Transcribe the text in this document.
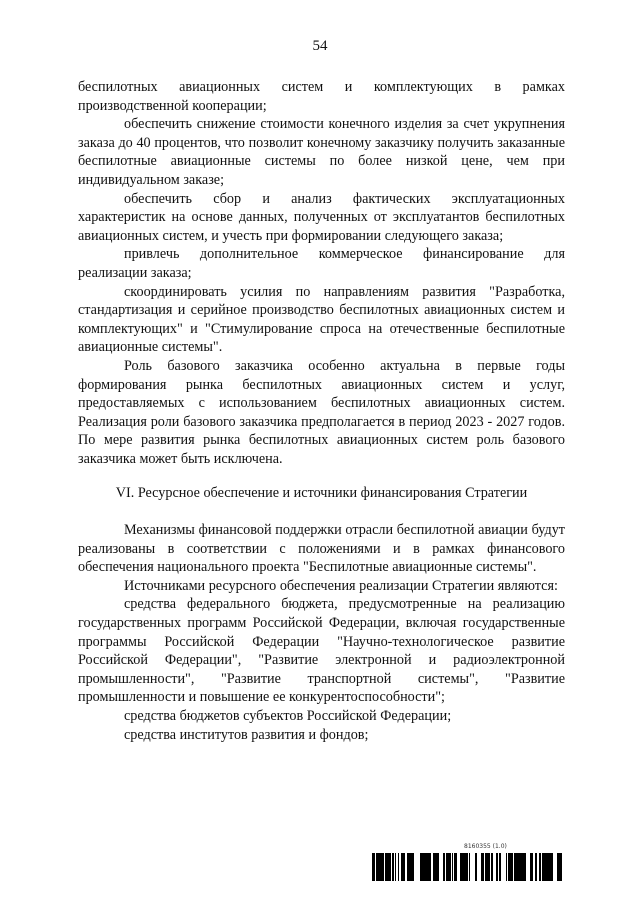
54

беспилотных авиационных систем и комплектующих в рамках производственной кооперации;

обеспечить снижение стоимости конечного изделия за счет укрупнения заказа до 40 процентов, что позволит конечному заказчику получить заказанные беспилотные авиационные системы по более низкой цене, чем при индивидуальном заказе;

обеспечить сбор и анализ фактических эксплуатационных характеристик на основе данных, полученных от эксплуатантов беспилотных авиационных систем, и учесть при формировании следующего заказа;

привлечь дополнительное коммерческое финансирование для реализации заказа;

скоординировать усилия по направлениям развития "Разработка, стандартизация и серийное производство беспилотных авиационных систем и комплектующих" и "Стимулирование спроса на отечественные беспилотные авиационные системы".

Роль базового заказчика особенно актуальна в первые годы формирования рынка беспилотных авиационных систем и услуг, предоставляемых с использованием беспилотных авиационных систем. Реализация роли базового заказчика предполагается в период 2023 - 2027 годов. По мере развития рынка беспилотных авиационных систем роль базового заказчика может быть исключена.

VI. Ресурсное обеспечение и источники финансирования Стратегии

Механизмы финансовой поддержки отрасли беспилотной авиации будут реализованы в соответствии с положениями и в рамках финансового обеспечения национального проекта "Беспилотные авиационные системы".

Источниками ресурсного обеспечения реализации Стратегии являются:

средства федерального бюджета, предусмотренные на реализацию государственных программ Российской Федерации, включая государственные программы Российской Федерации "Научно-технологическое развитие Российской Федерации", "Развитие электронной и радиоэлектронной промышленности", "Развитие транспортной системы", "Развитие промышленности и повышение ее конкурентоспособности";

средства бюджетов субъектов Российской Федерации;

средства институтов развития и фондов;

8160355 (1.0)
